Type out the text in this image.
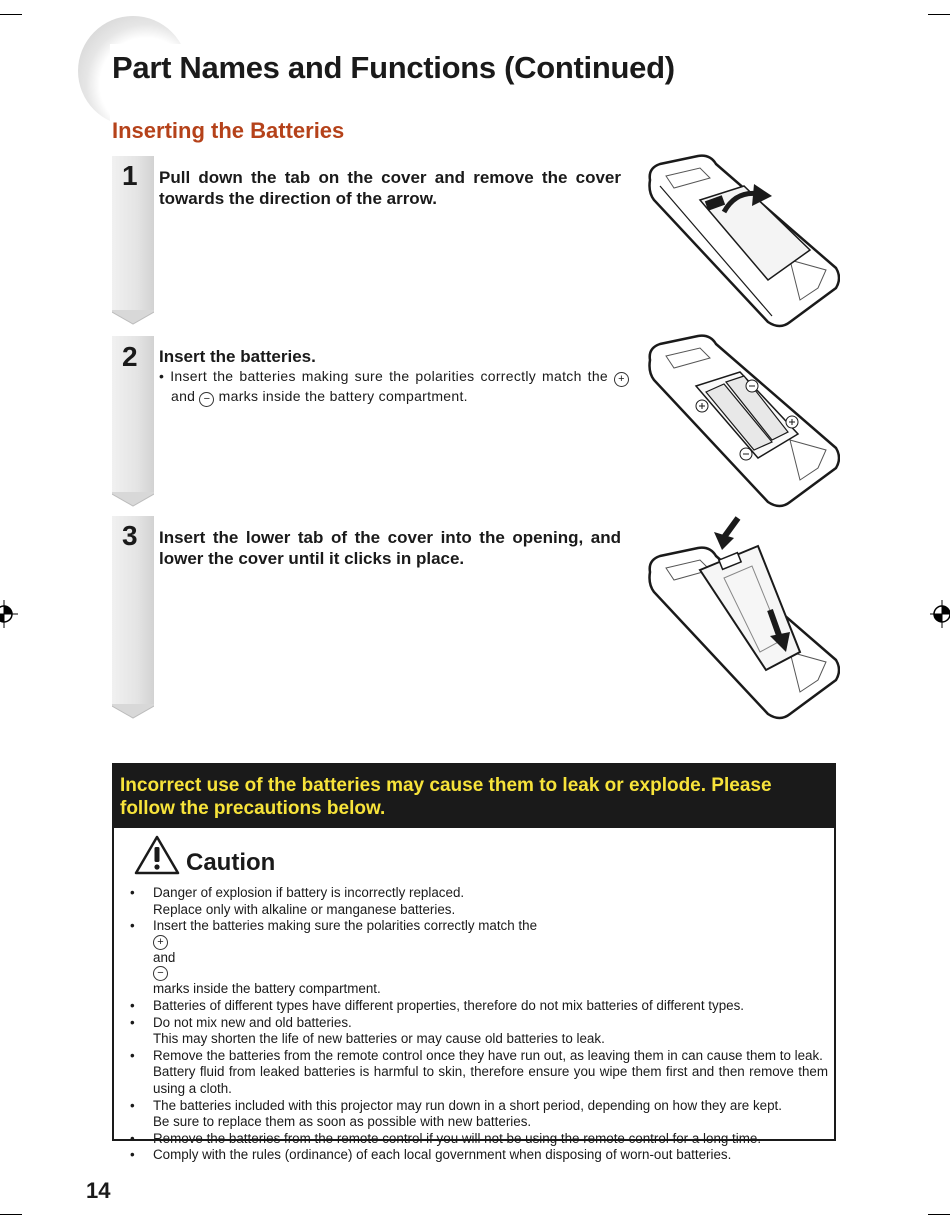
Part Names and Functions (Continued)
Inserting the Batteries
1 Pull down the tab on the cover and remove the cover towards the direction of the arrow.

2 Insert the batteries.

• Insert the batteries making sure the polarities correctly match the + and − marks inside the battery compartment.

3 Insert the lower tab of the cover into the opening, and lower the cover until it clicks in place.

Incorrect use of the batteries may cause them to leak or explode. Please follow the precautions below.

Caution
• Danger of explosion if battery is incorrectly replaced.
Replace only with alkaline or manganese batteries.
• Insert the batteries making sure the polarities correctly match the
+
and
−
marks inside the battery compartment.
• Batteries of different types have different properties, therefore do not mix batteries of different types.
• Do not mix new and old batteries.
This may shorten the life of new batteries or may cause old batteries to leak.
• Remove the batteries from the remote control once they have run out, as leaving them in can cause them to leak.
Battery fluid from leaked batteries is harmful to skin, therefore ensure you wipe them first and then remove them using a cloth.
• The batteries included with this projector may run down in a short period, depending on how they are kept.
Be sure to replace them as soon as possible with new batteries.
• Remove the batteries from the remote control if you will not be using the remote control for a long time.
• Comply with the rules (ordinance) of each local government when disposing of worn-out batteries.
14
